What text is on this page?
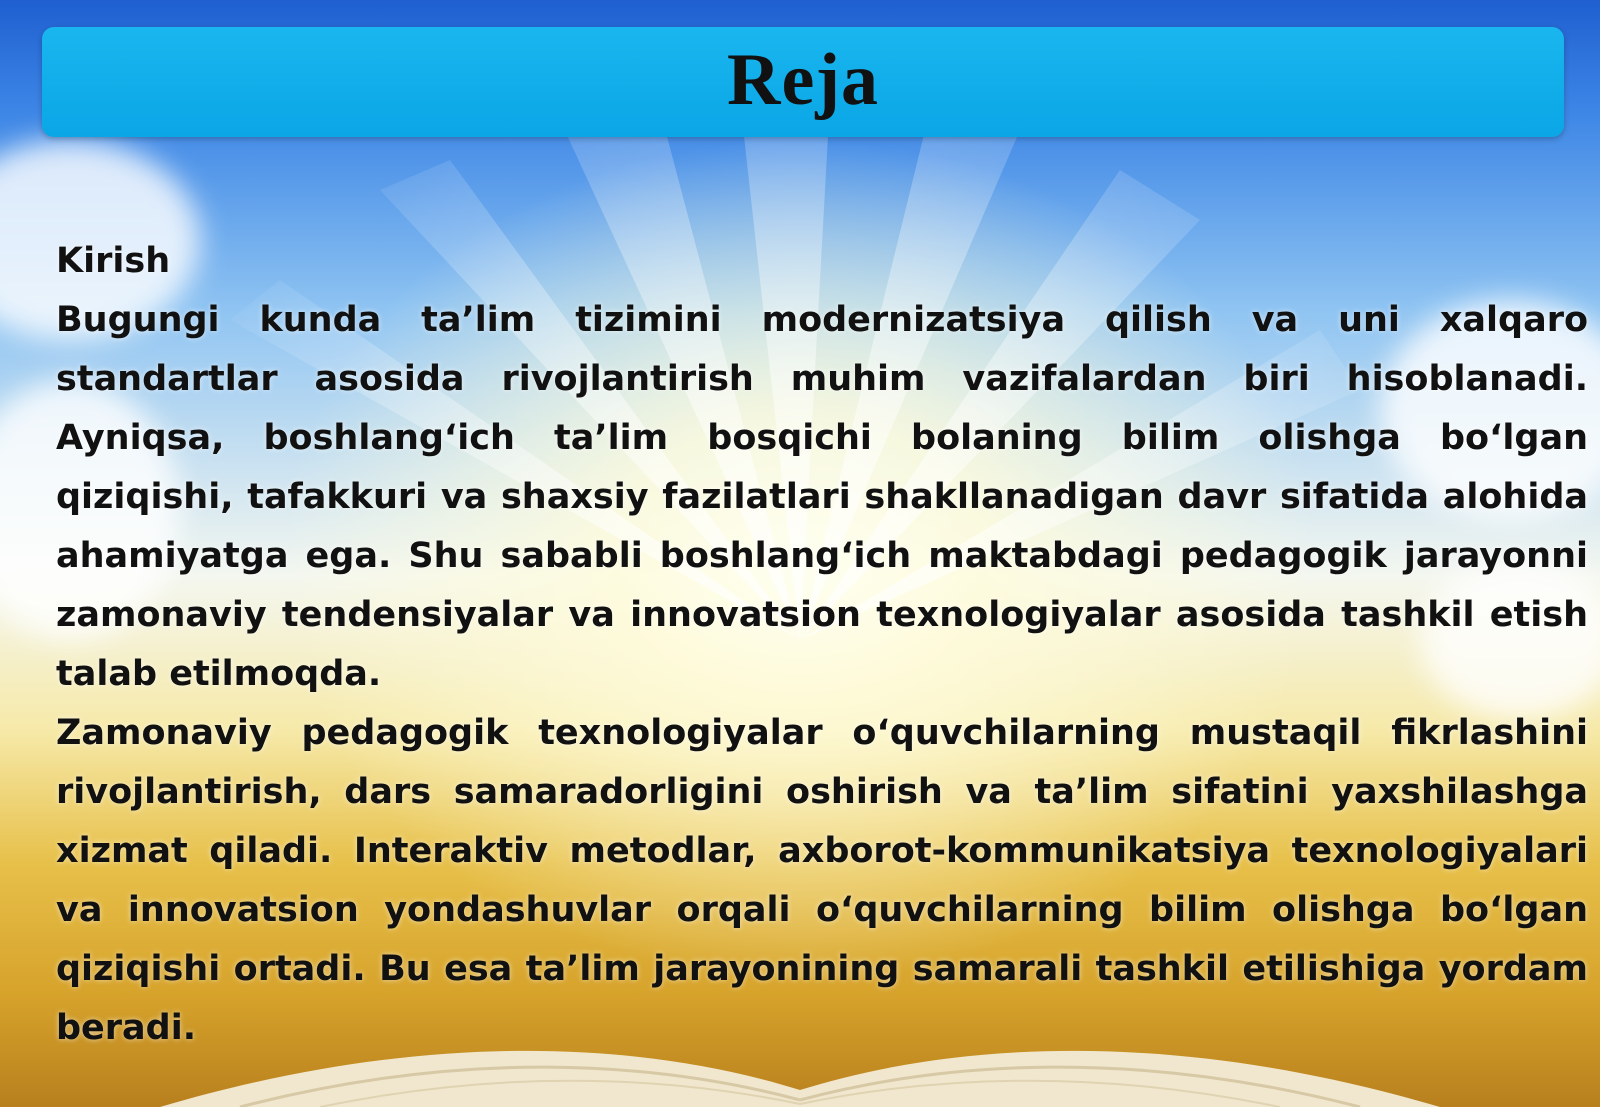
Reja

Kirish

Bugungi kunda ta’lim tizimini modernizatsiya qilish va uni xalqaro standartlar asosida rivojlantirish muhim vazifalardan biri hisoblanadi. Ayniqsa, boshlang‘ich ta’lim bosqichi bolaning bilim olishga bo‘lgan qiziqishi, tafakkuri va shaxsiy fazilatlari shakllanadigan davr sifatida alohida ahamiyatga ega. Shu sababli boshlang‘ich maktabdagi pedagogik jarayonni zamonaviy tendensiyalar va innovatsion texnologiyalar asosida tashkil etish talab etilmoqda.

Zamonaviy pedagogik texnologiyalar o‘quvchilarning mustaqil fikrlashini rivojlantirish, dars samaradorligini oshirish va ta’lim sifatini yaxshilashga xizmat qiladi. Interaktiv metodlar, axborot-kommunikatsiya texnologiyalari va innovatsion yondashuvlar orqali o‘quvchilarning bilim olishga bo‘lgan qiziqishi ortadi. Bu esa ta’lim jarayonining samarali tashkil etilishiga yordam beradi.
